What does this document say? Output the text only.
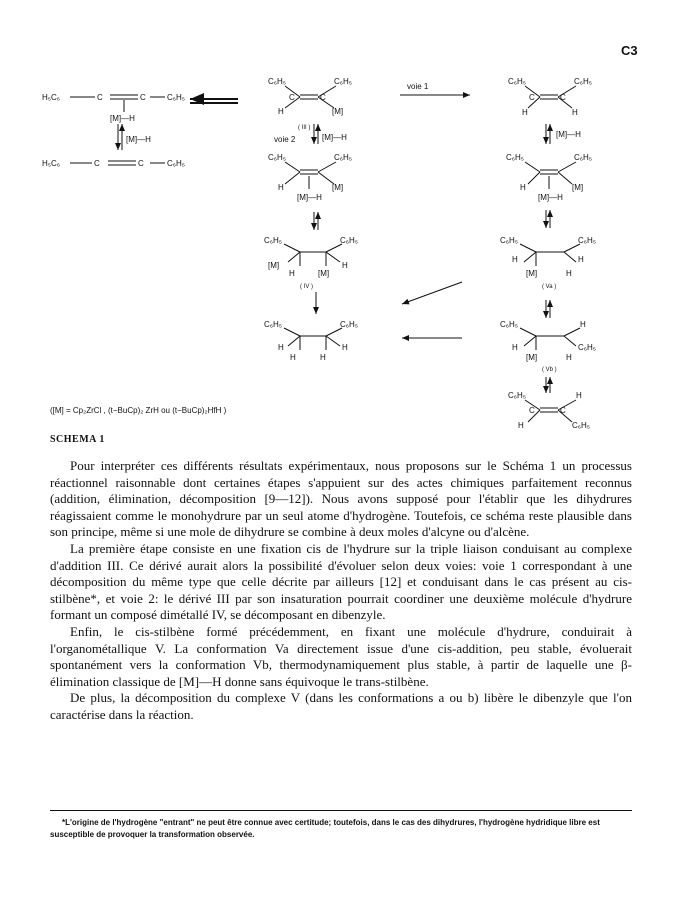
C3
H₅C₆	C	C	C₆H₅
[M]—H
[M]—H
H₅C₆	C	C	C₆H₅
C₆H₅	C₆H₅
C	C
H	[M]
( III )
voie 1
voie 2	[M]—H
C₆H₅	C₆H₅
H	[M]
[M]—H
C₆H₅	C₆H₅
[M]	H
H	[M]
( IV )
C₆H₅	C₆H₅
H	H
H	H
C₆H₅	C₆H₅
C	C
H	H
[M]—H
C₆H₅	C₆H₅
H	[M]
[M]—H
C₆H₅	C₆H₅
H	H
[M]	H
( Va )
C₆H₅	H
H	C₆H₅
[M]	H
( Vb )
C₆H₅	H
C	C
H	C₆H₅
([M] = Cp₂ZrCl , (t−BuCp)₂ ZrH ou (t−BuCp)₂HfH )
SCHEMA 1

Pour interpréter ces différents résultats expérimentaux, nous proposons sur le Schéma 1 un processus réactionnel raisonnable dont certaines étapes s'appuient sur des actes chimiques parfaitement reconnus (addition, élimination, décomposition [9—12]). Nous avons supposé pour l'établir que les dihydrures réagissaient comme le monohydrure par un seul atome d'hydrogène. Toutefois, ce schéma reste plausible dans son principe, même si une mole de dihydrure se combine à deux moles d'alcyne ou d'alcène.

La première étape consiste en une fixation cis de l'hydrure sur la triple liaison conduisant au complexe d'addition III. Ce dérivé aurait alors la possibilité d'évoluer selon deux voies: voie 1 correspondant à une décomposition du même type que celle décrite par ailleurs [12] et conduisant dans le cas présent au cis-stilbène*, et voie 2: le dérivé III par son insaturation pourrait coordiner une deuxième molécule d'hydrure formant un composé dimétallé IV, se décomposant en dibenzyle.

Enfin, le cis-stilbène formé précédemment, en fixant une molécule d'hydrure, conduirait à l'organométallique V. La conformation Va directement issue d'une cis-addition, peu stable, évoluerait spontanément vers la conformation Vb, thermodynamiquement plus stable, à partir de laquelle une β-élimination classique de [M]—H donne sans équivoque le trans-stilbène.

De plus, la décomposition du complexe V (dans les conformations a ou b) libère le dibenzyle que l'on caractérise dans la réaction.

*L'origine de l'hydrogène "entrant" ne peut être connue avec certitude; toutefois, dans le cas des dihydrures, l'hydrogène hydridique libre est susceptible de provoquer la transformation observée.
